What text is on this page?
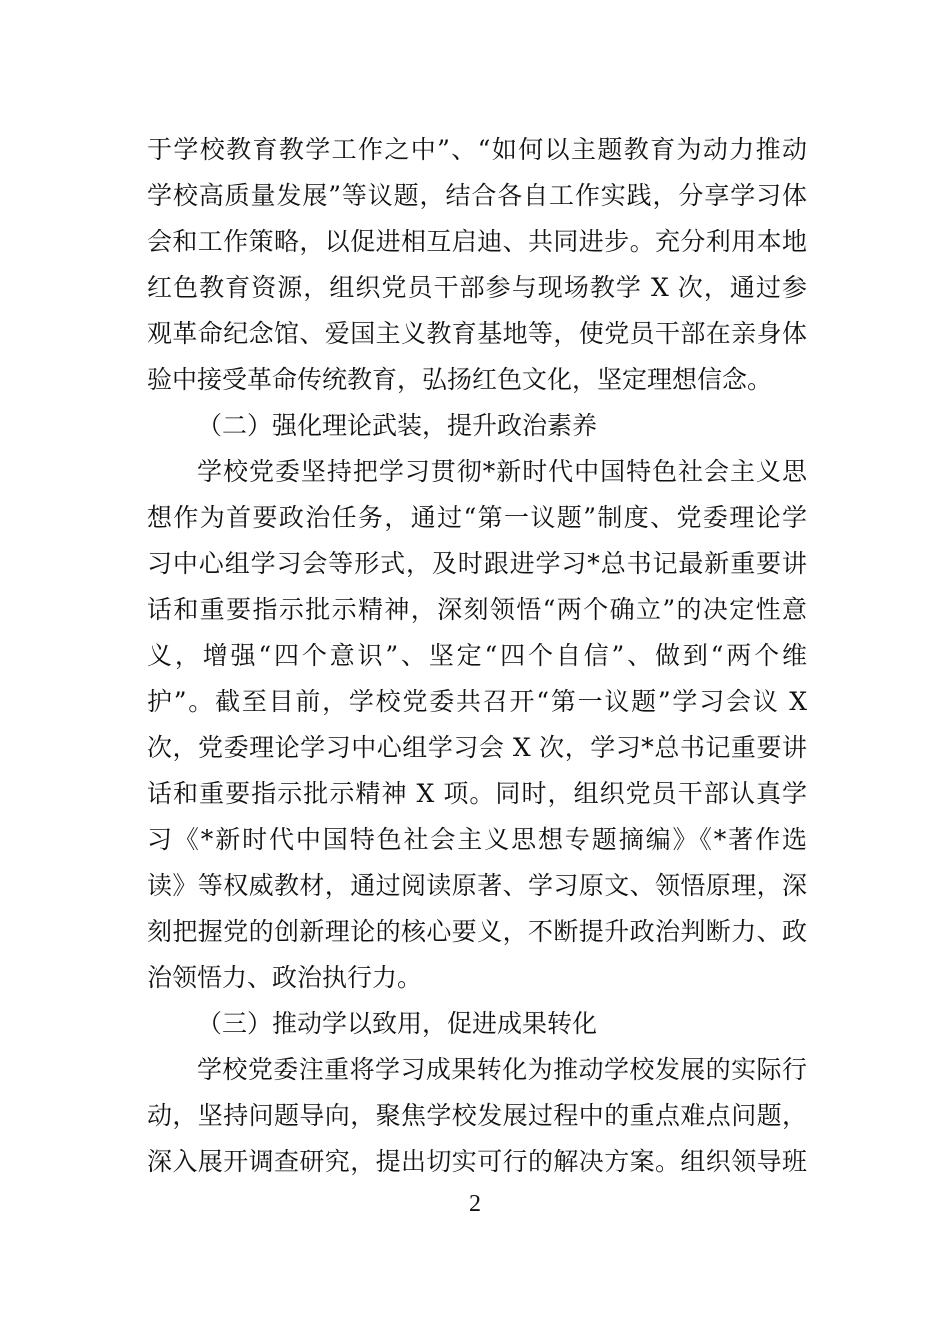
于学校教育教学工作之中”、“如何以主题教育为动力推动
学校高质量发展”等议题，结合各自工作实践，分享学习体
会和工作策略，以促进相互启迪、共同进步。充分利用本地
红色教育资源，组织党员干部参与现场教学 X 次，通过参
观革命纪念馆、爱国主义教育基地等，使党员干部在亲身体
验中接受革命传统教育，弘扬红色文化，坚定理想信念。
（二）强化理论武装，提升政治素养
学校党委坚持把学习贯彻*新时代中国特色社会主义思
想作为首要政治任务，通过“第一议题”制度、党委理论学
习中心组学习会等形式，及时跟进学习*总书记最新重要讲
话和重要指示批示精神，深刻领悟“两个确立”的决定性意
义，增强“四个意识”、坚定“四个自信”、做到“两个维
护”。截至目前，学校党委共召开“第一议题”学习会议 X
次，党委理论学习中心组学习会 X 次，学习*总书记重要讲
话和重要指示批示精神 X 项。同时，组织党员干部认真学
习《*新时代中国特色社会主义思想专题摘编》《*著作选
读》等权威教材，通过阅读原著、学习原文、领悟原理，深
刻把握党的创新理论的核心要义，不断提升政治判断力、政
治领悟力、政治执行力。
（三）推动学以致用，促进成果转化
学校党委注重将学习成果转化为推动学校发展的实际行
动，坚持问题导向，聚焦学校发展过程中的重点难点问题，
深入展开调查研究，提出切实可行的解决方案。组织领导班
2
